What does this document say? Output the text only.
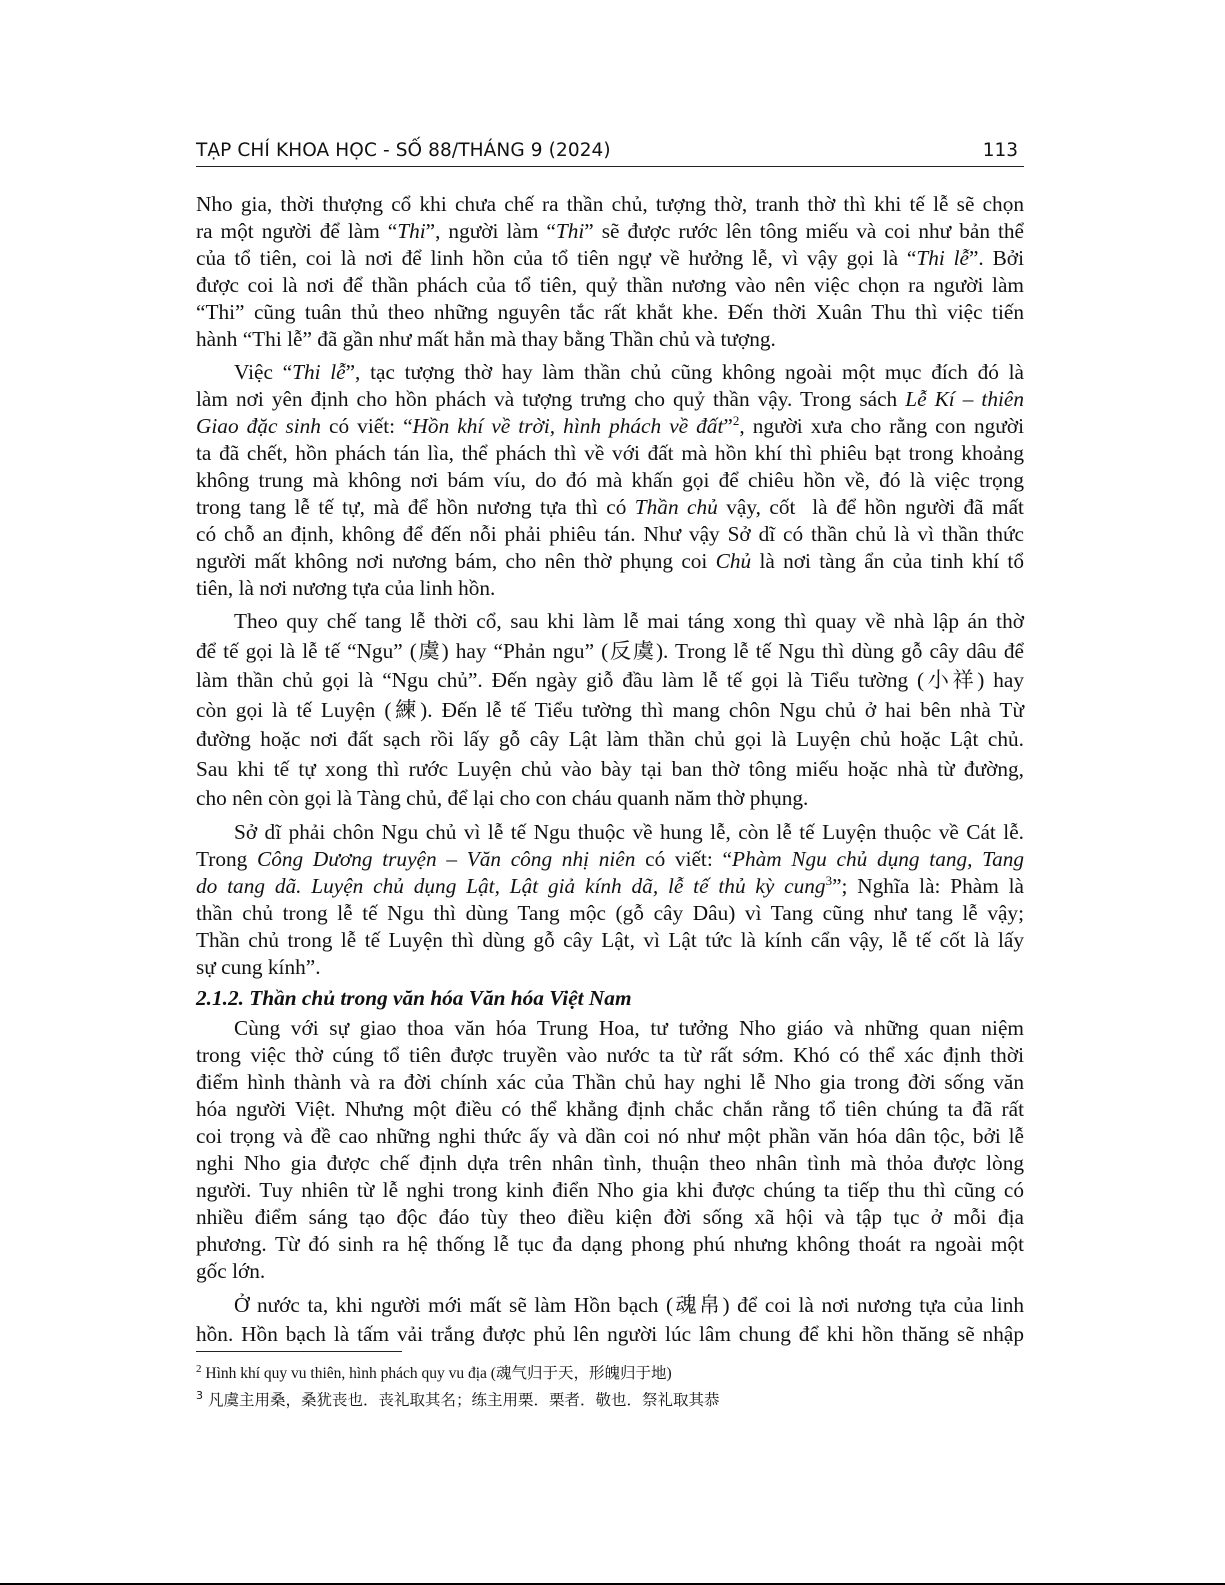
TẠP CHÍ KHOA HỌC - SỐ 88/THÁNG 9 (2024)	113
Nho gia, thời thượng cổ khi chưa chế ra thần chủ, tượng thờ, tranh thờ thì khi tế lễ sẽ chọn
ra một người để làm “Thi”, người làm “Thi” sẽ được rước lên tông miếu và coi như bản thể
của tổ tiên, coi là nơi để linh hồn của tổ tiên ngự về hưởng lễ, vì vậy gọi là “Thi lễ”. Bởi
được coi là nơi để thần phách của tổ tiên, quỷ thần nương vào nên việc chọn ra người làm
“Thi” cũng tuân thủ theo những nguyên tắc rất khắt khe. Đến thời Xuân Thu thì việc tiến
hành “Thi lễ” đã gần như mất hẳn mà thay bằng Thần chủ và tượng.
Việc “Thi lễ”, tạc tượng thờ hay làm thần chủ cũng không ngoài một mục đích đó là
làm nơi yên định cho hồn phách và tượng trưng cho quỷ thần vậy. Trong sách Lễ Kí – thiên
Giao đặc sinh có viết: “Hồn khí về trời, hình phách về đất”$^2$, người xưa cho rằng con người
ta đã chết, hồn phách tán lìa, thể phách thì về với đất mà hồn khí thì phiêu bạt trong khoảng
không trung mà không nơi bám víu, do đó mà khấn gọi để chiêu hồn về, đó là việc trọng
trong tang lễ tế tự, mà để hồn nương tựa thì có Thần chủ vậy, cốt  là để hồn người đã mất
có chỗ an định, không để đến nỗi phải phiêu tán. Như vậy Sở dĩ có thần chủ là vì thần thức
người mất không nơi nương bám, cho nên thờ phụng coi Chủ là nơi tàng ẩn của tinh khí tổ
tiên, là nơi nương tựa của linh hồn.
Theo quy chế tang lễ thời cổ, sau khi làm lễ mai táng xong thì quay về nhà lập án thờ
để tế gọi là lễ tế “Ngu” (虞) hay “Phản ngu” (反虞). Trong lễ tế Ngu thì dùng gỗ cây dâu để
làm thần chủ gọi là “Ngu chủ”. Đến ngày giỗ đầu làm lễ tế gọi là Tiểu tường (小祥) hay
còn gọi là tế Luyện (練). Đến lễ tế Tiểu tường thì mang chôn Ngu chủ ở hai bên nhà Từ
đường hoặc nơi đất sạch rồi lấy gỗ cây Lật làm thần chủ gọi là Luyện chủ hoặc Lật chủ.
Sau khi tế tự xong thì rước Luyện chủ vào bày tại ban thờ tông miếu hoặc nhà từ đường,
cho nên còn gọi là Tàng chủ, để lại cho con cháu quanh năm thờ phụng.
Sở dĩ phải chôn Ngu chủ vì lễ tế Ngu thuộc về hung lễ, còn lễ tế Luyện thuộc về Cát lễ.
Trong Công Dương truyện – Văn công nhị niên có viết: “Phàm Ngu chủ dụng tang, Tang
do tang dã. Luyện chủ dụng Lật, Lật giả kính dã, lễ tế thủ kỳ cung$^3$”; Nghĩa là: Phàm là
thần chủ trong lễ tế Ngu thì dùng Tang mộc (gỗ cây Dâu) vì Tang cũng như tang lễ vậy;
Thần chủ trong lễ tế Luyện thì dùng gỗ cây Lật, vì Lật tức là kính cẩn vậy, lễ tế cốt là lấy
sự cung kính”.
2.1.2. Thần chủ trong văn hóa Văn hóa Việt Nam
Cùng với sự giao thoa văn hóa Trung Hoa, tư tưởng Nho giáo và những quan niệm
trong việc thờ cúng tổ tiên được truyền vào nước ta từ rất sớm. Khó có thể xác định thời
điểm hình thành và ra đời chính xác của Thần chủ hay nghi lễ Nho gia trong đời sống văn
hóa người Việt. Nhưng một điều có thể khẳng định chắc chắn rằng tổ tiên chúng ta đã rất
coi trọng và đề cao những nghi thức ấy và dần coi nó như một phần văn hóa dân tộc, bởi lễ
nghi Nho gia được chế định dựa trên nhân tình, thuận theo nhân tình mà thỏa được lòng
người. Tuy nhiên từ lễ nghi trong kinh điển Nho gia khi được chúng ta tiếp thu thì cũng có
nhiều điểm sáng tạo độc đáo tùy theo điều kiện đời sống xã hội và tập tục ở mỗi địa
phương. Từ đó sinh ra hệ thống lễ tục đa dạng phong phú nhưng không thoát ra ngoài một
gốc lớn.
Ở nước ta, khi người mới mất sẽ làm Hồn bạch (魂帛) để coi là nơi nương tựa của linh
hồn. Hồn bạch là tấm vải trắng được phủ lên người lúc lâm chung để khi hồn thăng sẽ nhập
$^2$ Hình khí quy vu thiên, hình phách quy vu địa (魂气归于天，形魄归于地)
$^3$ 凡虞主用桑，桑犹丧也．丧礼取其名；练主用栗．栗者．敬也．祭礼取其恭
